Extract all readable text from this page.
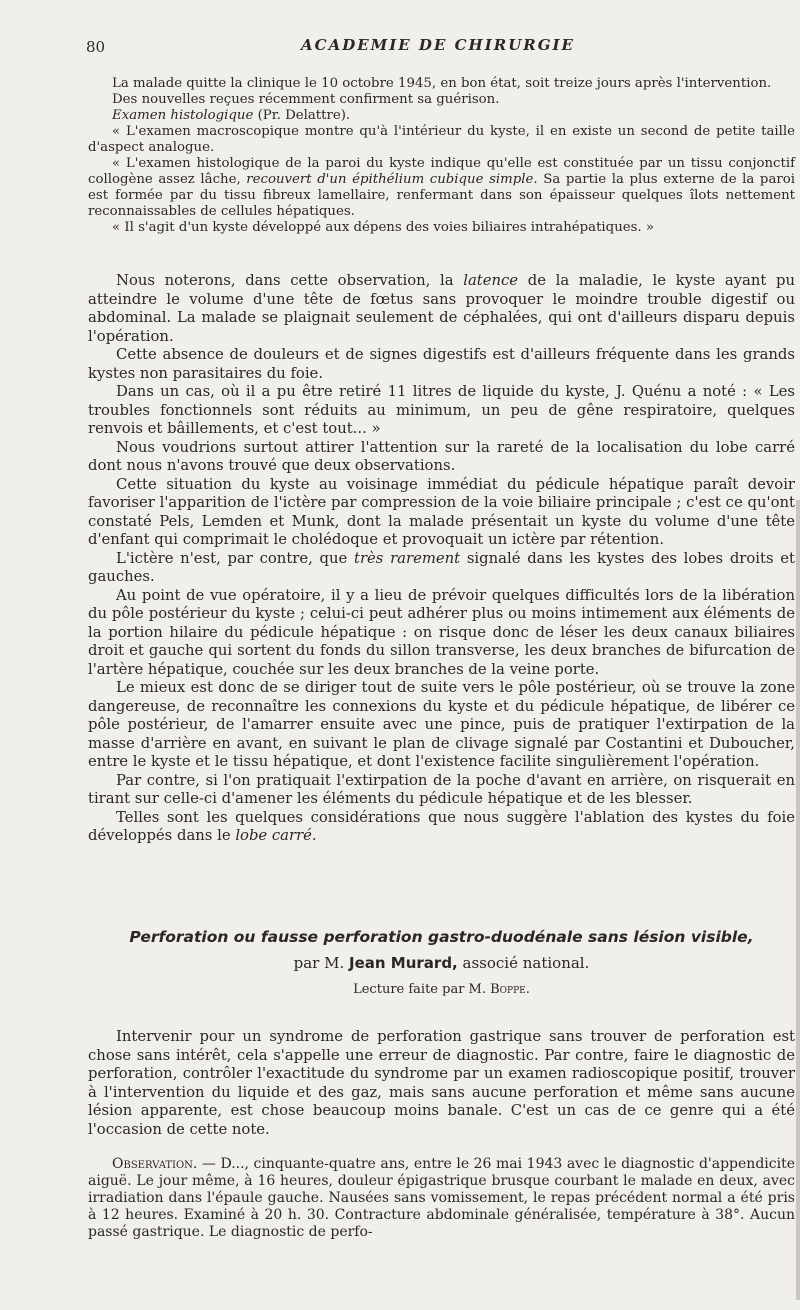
80	ACADEMIE DE CHIRURGIE

La malade quitte la clinique le 10 octobre 1945, en bon état, soit treize jours après l'intervention.

Des nouvelles reçues récemment confirment sa guérison.

Examen histologique (Pr. Delattre).

« L'examen macroscopique montre qu'à l'intérieur du kyste, il en existe un second de petite taille d'aspect analogue.

« L'examen histologique de la paroi du kyste indique qu'elle est constituée par un tissu conjonctif collogène assez lâche, recouvert d'un épithélium cubique simple. Sa partie la plus externe de la paroi est formée par du tissu fibreux lamellaire, renfermant dans son épaisseur quelques îlots nettement reconnaissables de cellules hépatiques.

« Il s'agit d'un kyste développé aux dépens des voies biliaires intrahépatiques. »

Nous noterons, dans cette observation, la latence de la maladie, le kyste ayant pu atteindre le volume d'une tête de fœtus sans provoquer le moindre trouble digestif ou abdominal. La malade se plaignait seulement de céphalées, qui ont d'ailleurs disparu depuis l'opération.

Cette absence de douleurs et de signes digestifs est d'ailleurs fréquente dans les grands kystes non parasitaires du foie.

Dans un cas, où il a pu être retiré 11 litres de liquide du kyste, J. Quénu a noté : « Les troubles fonctionnels sont réduits au minimum, un peu de gêne respiratoire, quelques renvois et bâillements, et c'est tout... »

Nous voudrions surtout attirer l'attention sur la rareté de la localisation du lobe carré dont nous n'avons trouvé que deux observations.

Cette situation du kyste au voisinage immédiat du pédicule hépatique paraît devoir favoriser l'apparition de l'ictère par compression de la voie biliaire principale ; c'est ce qu'ont constaté Pels, Lemden et Munk, dont la malade présentait un kyste du volume d'une tête d'enfant qui comprimait le cholédoque et provoquait un ictère par rétention.

L'ictère n'est, par contre, que très rarement signalé dans les kystes des lobes droits et gauches.

Au point de vue opératoire, il y a lieu de prévoir quelques difficultés lors de la libération du pôle postérieur du kyste ; celui-ci peut adhérer plus ou moins intimement aux éléments de la portion hilaire du pédicule hépatique : on risque donc de léser les deux canaux biliaires droit et gauche qui sortent du fonds du sillon transverse, les deux branches de bifurcation de l'artère hépatique, couchée sur les deux branches de la veine porte.

Le mieux est donc de se diriger tout de suite vers le pôle postérieur, où se trouve la zone dangereuse, de reconnaître les connexions du kyste et du pédicule hépatique, de libérer ce pôle postérieur, de l'amarrer ensuite avec une pince, puis de pratiquer l'extirpation de la masse d'arrière en avant, en suivant le plan de clivage signalé par Costantini et Duboucher, entre le kyste et le tissu hépatique, et dont l'existence facilite singulièrement l'opération.

Par contre, si l'on pratiquait l'extirpation de la poche d'avant en arrière, on risquerait en tirant sur celle-ci d'amener les éléments du pédicule hépatique et de les blesser.

Telles sont les quelques considérations que nous suggère l'ablation des kystes du foie développés dans le lobe carré.

Perforation ou fausse perforation gastro-duodénale sans lésion visible,

par M. Jean Murard, associé national.

Lecture faite par M. Boppe.

Intervenir pour un syndrome de perforation gastrique sans trouver de perforation est chose sans intérêt, cela s'appelle une erreur de diagnostic. Par contre, faire le diagnostic de perforation, contrôler l'exactitude du syndrome par un examen radioscopique positif, trouver à l'intervention du liquide et des gaz, mais sans aucune perforation et même sans aucune lésion apparente, est chose beaucoup moins banale. C'est un cas de ce genre qui a été l'occasion de cette note.

Observation. — D..., cinquante-quatre ans, entre le 26 mai 1943 avec le diagnostic d'appendicite aiguë. Le jour même, à 16 heures, douleur épigastrique brusque courbant le malade en deux, avec irradiation dans l'épaule gauche. Nausées sans vomissement, le repas précédent normal a été pris à 12 heures. Examiné à 20 h. 30. Contracture abdominale généralisée, température à 38°. Aucun passé gastrique. Le diagnostic de perfo-
